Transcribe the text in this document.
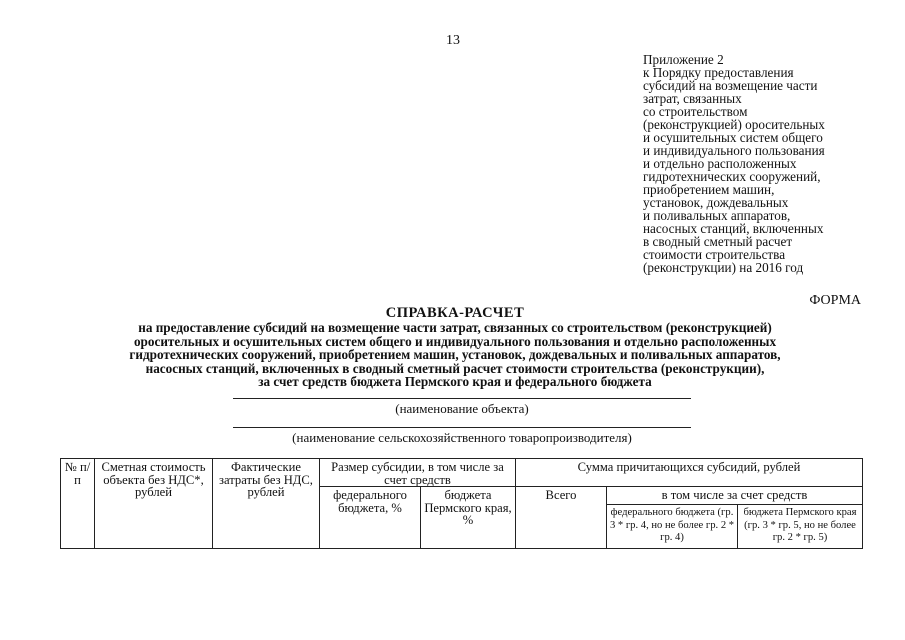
13
Приложение 2
к Порядку предоставления
субсидий на возмещение части
затрат, связанных
со строительством
(реконструкцией) оросительных
и осушительных систем общего
и индивидуального пользования
и отдельно расположенных
гидротехнических сооружений,
приобретением машин,
установок, дождевальных
и поливальных аппаратов,
насосных станций, включенных
в сводный сметный расчет
стоимости строительства
(реконструкции) на 2016 год
ФОРМА
СПРАВКА-РАСЧЕТ
на предоставление субсидий на возмещение части затрат, связанных со строительством (реконструкцией)
оросительных и осушительных систем общего и индивидуального пользования и отдельно расположенных
гидротехнических сооружений, приобретением машин, установок, дождевальных и поливальных аппаратов,
насосных станций, включенных в сводный сметный расчет стоимости строительства (реконструкции),
за счет средств бюджета Пермского края и федерального бюджета
(наименование объекта)
(наименование сельскохозяйственного товаропроизводителя)
№ п/п	Сметная стоимость объекта без НДС*, рублей	Фактические затраты без НДС, рублей	Размер субсидии, в том числе за счет средств		Сумма причитающихся субсидий, рублей		
			федерального бюджета, %	бюджета Пермского края, %	Всего	в том числе за счет средств	
						федерального бюджета (гр. 3 * гр. 4, но не более гр. 2 * гр. 4)	бюджета Пермского края (гр. 3 * гр. 5, но не более гр. 2 * гр. 5)
